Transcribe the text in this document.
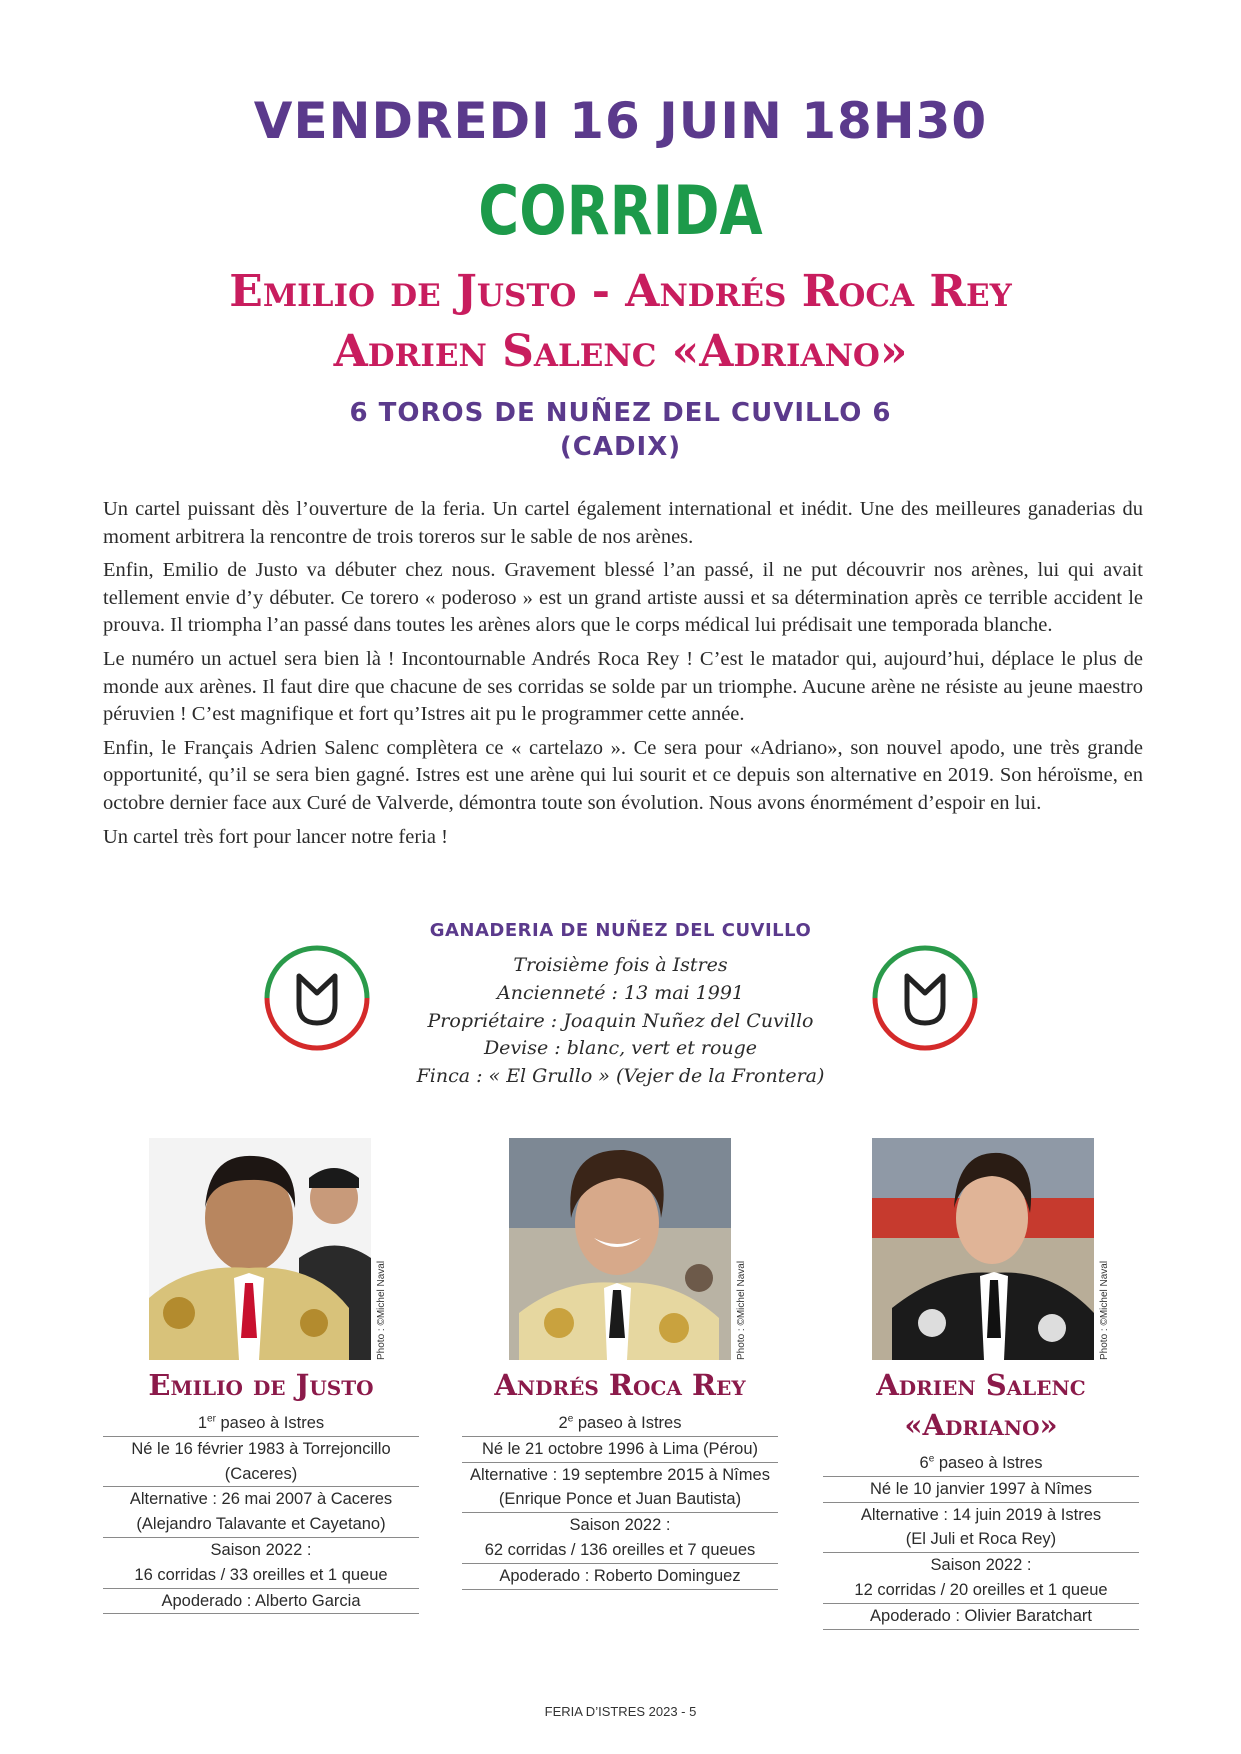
VENDREDI 16 JUIN 18H30
CORRIDA
Emilio de Justo - Andrés Roca Rey
Adrien Salenc «Adriano»
6 TOROS DE NUÑEZ DEL CUVILLO 6
(CADIX)

Un cartel puissant dès l’ouverture de la feria. Un cartel également international et inédit. Une des meilleures ganaderias du moment arbitrera la rencontre de trois toreros sur le sable de nos arènes.

Enfin, Emilio de Justo va débuter chez nous. Gravement blessé l’an passé, il ne put découvrir nos arènes, lui qui avait tellement envie d’y débuter. Ce torero « poderoso » est un grand artiste aussi et sa détermination après ce terrible accident le prouva. Il triompha l’an passé dans toutes les arènes alors que le corps médical lui prédisait une temporada blanche.

Le numéro un actuel sera bien là ! Incontournable Andrés Roca Rey ! C’est le matador qui, aujourd’hui, déplace le plus de monde aux arènes. Il faut dire que chacune de ses corridas se solde par un triomphe. Aucune arène ne résiste au jeune maestro péruvien ! C’est magnifique et fort qu’Istres ait pu le programmer cette année.

Enfin, le Français Adrien Salenc complètera ce « cartelazo ». Ce sera pour «Adriano», son nouvel apodo, une très grande opportunité, qu’il se sera bien gagné. Istres est une arène qui lui sourit et ce depuis son alternative en 2019. Son héroïsme, en octobre dernier face aux Curé de Valverde, démontra toute son évolution. Nous avons énormément d’espoir en lui.

Un cartel très fort pour lancer notre feria !

GANADERIA DE NUÑEZ DEL CUVILLO
Troisième fois à Istres
Ancienneté : 13 mai 1991
Propriétaire : Joaquin Nuñez del Cuvillo
Devise : blanc, vert et rouge
Finca : « El Grullo » (Vejer de la Frontera)
Photo : ©Michel Naval	Photo : ©Michel Naval	Photo : ©Michel Naval
Emilio de Justo	Andrés Roca Rey	Adrien Salenc
«Adriano»
1er paseo à Istres
Né le 16 février 1983 à Torrejoncillo
(Caceres)
Alternative : 26 mai 2007 à Caceres
(Alejandro Talavante et Cayetano)
Saison 2022 :
16 corridas / 33 oreilles et 1 queue
Apoderado : Alberto Garcia
2e paseo à Istres
Né le 21 octobre 1996 à Lima (Pérou)
Alternative : 19 septembre 2015 à Nîmes
(Enrique Ponce et Juan Bautista)
Saison 2022 :
62 corridas / 136 oreilles et 7 queues
Apoderado : Roberto Dominguez
6e paseo à Istres
Né le 10 janvier 1997 à Nîmes
Alternative : 14 juin 2019 à Istres
(El Juli et Roca Rey)
Saison 2022 :
12 corridas / 20 oreilles et 1 queue
Apoderado : Olivier Baratchart
FERIA D’ISTRES 2023 - 5
